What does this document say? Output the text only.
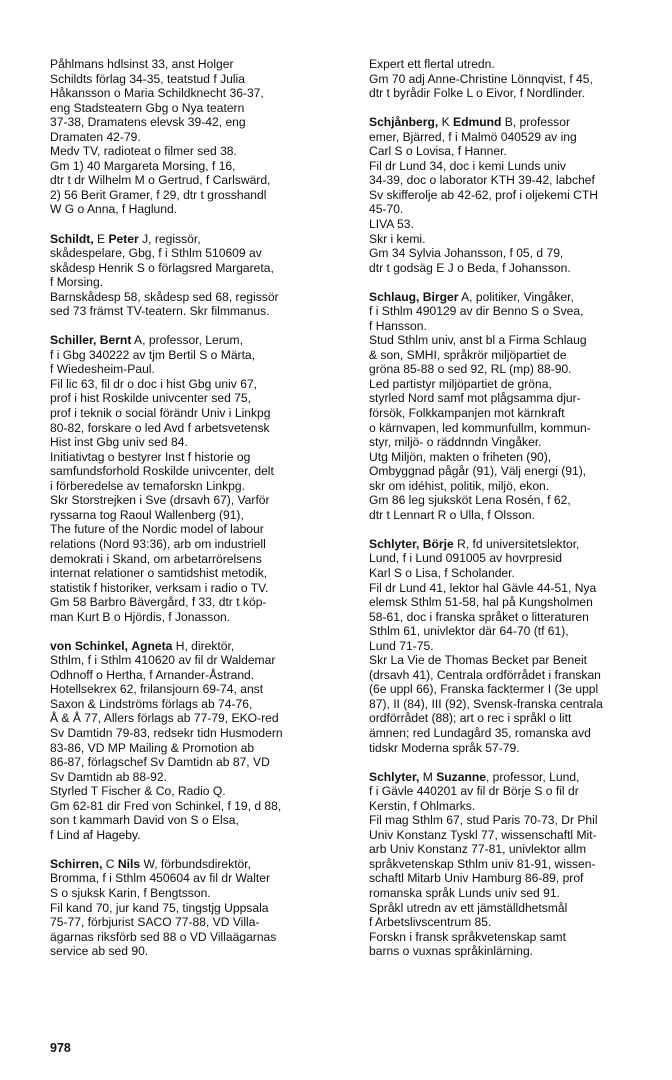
Påhlmans hdlsinst 33, anst Holger
Schildts förlag 34-35, teatstud f Julia
Håkansson o Maria Schildknecht 36-37,
eng Stadsteatern Gbg o Nya teatern
37-38, Dramatens elevsk 39-42, eng
Dramaten 42-79.
Medv TV, radioteat o filmer sed 38.
Gm 1) 40 Margareta Morsing, f 16,
dtr t dr Wilhelm M o Gertrud, f Carlswärd,
2) 56 Berit Gramer, f 29, dtr t grosshandl
W G o Anna, f Haglund.
Schildt, E Peter J, regissör,
skådespelare, Gbg, f i Sthlm 510609 av
skådesp Henrik S o förlagsred Margareta,
f Morsing.
Barnskådesp 58, skådesp sed 68, regissör
sed 73 främst TV-teatern. Skr filmmanus.
Schiller, Bernt A, professor, Lerum,
f i Gbg 340222 av tjm Bertil S o Märta,
f Wiedesheim-Paul.
Fil lic 63, fil dr o doc i hist Gbg univ 67,
prof i hist Roskilde univcenter sed 75,
prof i teknik o social förändr Univ i Linkpg
80-82, forskare o led Avd f arbetsvetensk
Hist inst Gbg univ sed 84.
Initiativtag o bestyrer Inst f historie og
samfundsforhold Roskilde univcenter, delt
i förberedelse av temaforskn Linkpg.
Skr Storstrejken i Sve (drsavh 67), Varför
ryssarna tog Raoul Wallenberg (91),
The future of the Nordic model of labour
relations (Nord 93:36), arb om industriell
demokrati i Skand, om arbetarrörelsens
internat relationer o samtidshist metodik,
statistik f historiker, verksam i radio o TV.
Gm 58 Barbro Bävergård, f 33, dtr t köp-
man Kurt B o Hjördis, f Jonasson.
von Schinkel, Agneta H, direktör,
Sthlm, f i Sthlm 410620 av fil dr Waldemar
Odhnoff o Hertha, f Arnander-Åstrand.
Hotellsekrex 62, frilansjourn 69-74, anst
Saxon & Lindströms förlags ab 74-76,
Å & Å 77, Allers förlags ab 77-79, EKO-red
Sv Damtidn 79-83, redsekr tidn Husmodern
83-86, VD MP Mailing & Promotion ab
86-87, förlagschef Sv Damtidn ab 87, VD
Sv Damtidn ab 88-92.
Styrled T Fischer & Co, Radio Q.
Gm 62-81 dir Fred von Schinkel, f 19, d 88,
son t kammarh David von S o Elsa,
f Lind af Hageby.
Schirren, C Nils W, förbundsdirektör,
Bromma, f i Sthlm 450604 av fil dr Walter
S o sjuksk Karin, f Bengtsson.
Fil kand 70, jur kand 75, tingstjg Uppsala
75-77, förbjurist SACO 77-88, VD Villa-
ägarnas riksförb sed 88 o VD Villaägarnas
service ab sed 90.
Expert ett flertal utredn.
Gm 70 adj Anne-Christine Lönnqvist, f 45,
dtr t byrådir Folke L o Eivor, f Nordlinder.
Schjånberg, K Edmund B, professor
emer, Bjärred, f i Malmö 040529 av ing
Carl S o Lovisa, f Hanner.
Fil dr Lund 34, doc i kemi Lunds univ
34-39, doc o laborator KTH 39-42, labchef
Sv skifferolje ab 42-62, prof i oljekemi CTH
45-70.
LIVA 53.
Skr i kemi.
Gm 34 Sylvia Johansson, f 05, d 79,
dtr t godsäg E J o Beda, f Johansson.
Schlaug, Birger A, politiker, Vingåker,
f i Sthlm 490129 av dir Benno S o Svea,
f Hansson.
Stud Sthlm univ, anst bl a Firma Schlaug
& son, SMHI, språkrör miljöpartiet de
gröna 85-88 o sed 92, RL (mp) 88-90.
Led partistyr miljöpartiet de gröna,
styrled Nord samf mot plågsamma djur-
försök, Folkkampanjen mot kärnkraft
o kärnvapen, led kommunfullm, kommun-
styr, miljö- o räddnndn Vingåker.
Utg Miljön, makten o friheten (90),
Ombyggnad pågår (91), Välj energi (91),
skr om idéhist, politik, miljö, ekon.
Gm 86 leg sjuksköt Lena Rosén, f 62,
dtr t Lennart R o Ulla, f Olsson.
Schlyter, Börje R, fd universitetslektor,
Lund, f i Lund 091005 av hovrpresid
Karl S o Lisa, f Scholander.
Fil dr Lund 41, lektor hal Gävle 44-51, Nya
elemsk Sthlm 51-58, hal på Kungsholmen
58-61, doc i franska språket o litteraturen
Sthlm 61, univlektor där 64-70 (tf 61),
Lund 71-75.
Skr La Vie de Thomas Becket par Beneit
(drsavh 41), Centrala ordförrådet i franskan
(6e uppl 66), Franska facktermer I (3e uppl
87), II (84), III (92), Svensk-franska centrala
ordförrådet (88); art o rec i språkl o litt
ämnen; red Lundagård 35, romanska avd
tidskr Moderna språk 57-79.
Schlyter, M Suzanne, professor, Lund,
f i Gävle 440201 av fil dr Börje S o fil dr
Kerstin, f Ohlmarks.
Fil mag Sthlm 67, stud Paris 70-73, Dr Phil
Univ Konstanz Tyskl 77, wissenschaftl Mit-
arb Univ Konstanz 77-81, univlektor allm
språkvetenskap Sthlm univ 81-91, wissen-
schaftl Mitarb Univ Hamburg 86-89, prof
romanska språk Lunds univ sed 91.
Språkl utredn av ett jämställdhetsmål
f Arbetslivscentrum 85.
Forskn i fransk språkvetenskap samt
barns o vuxnas språkinlärning.
978
